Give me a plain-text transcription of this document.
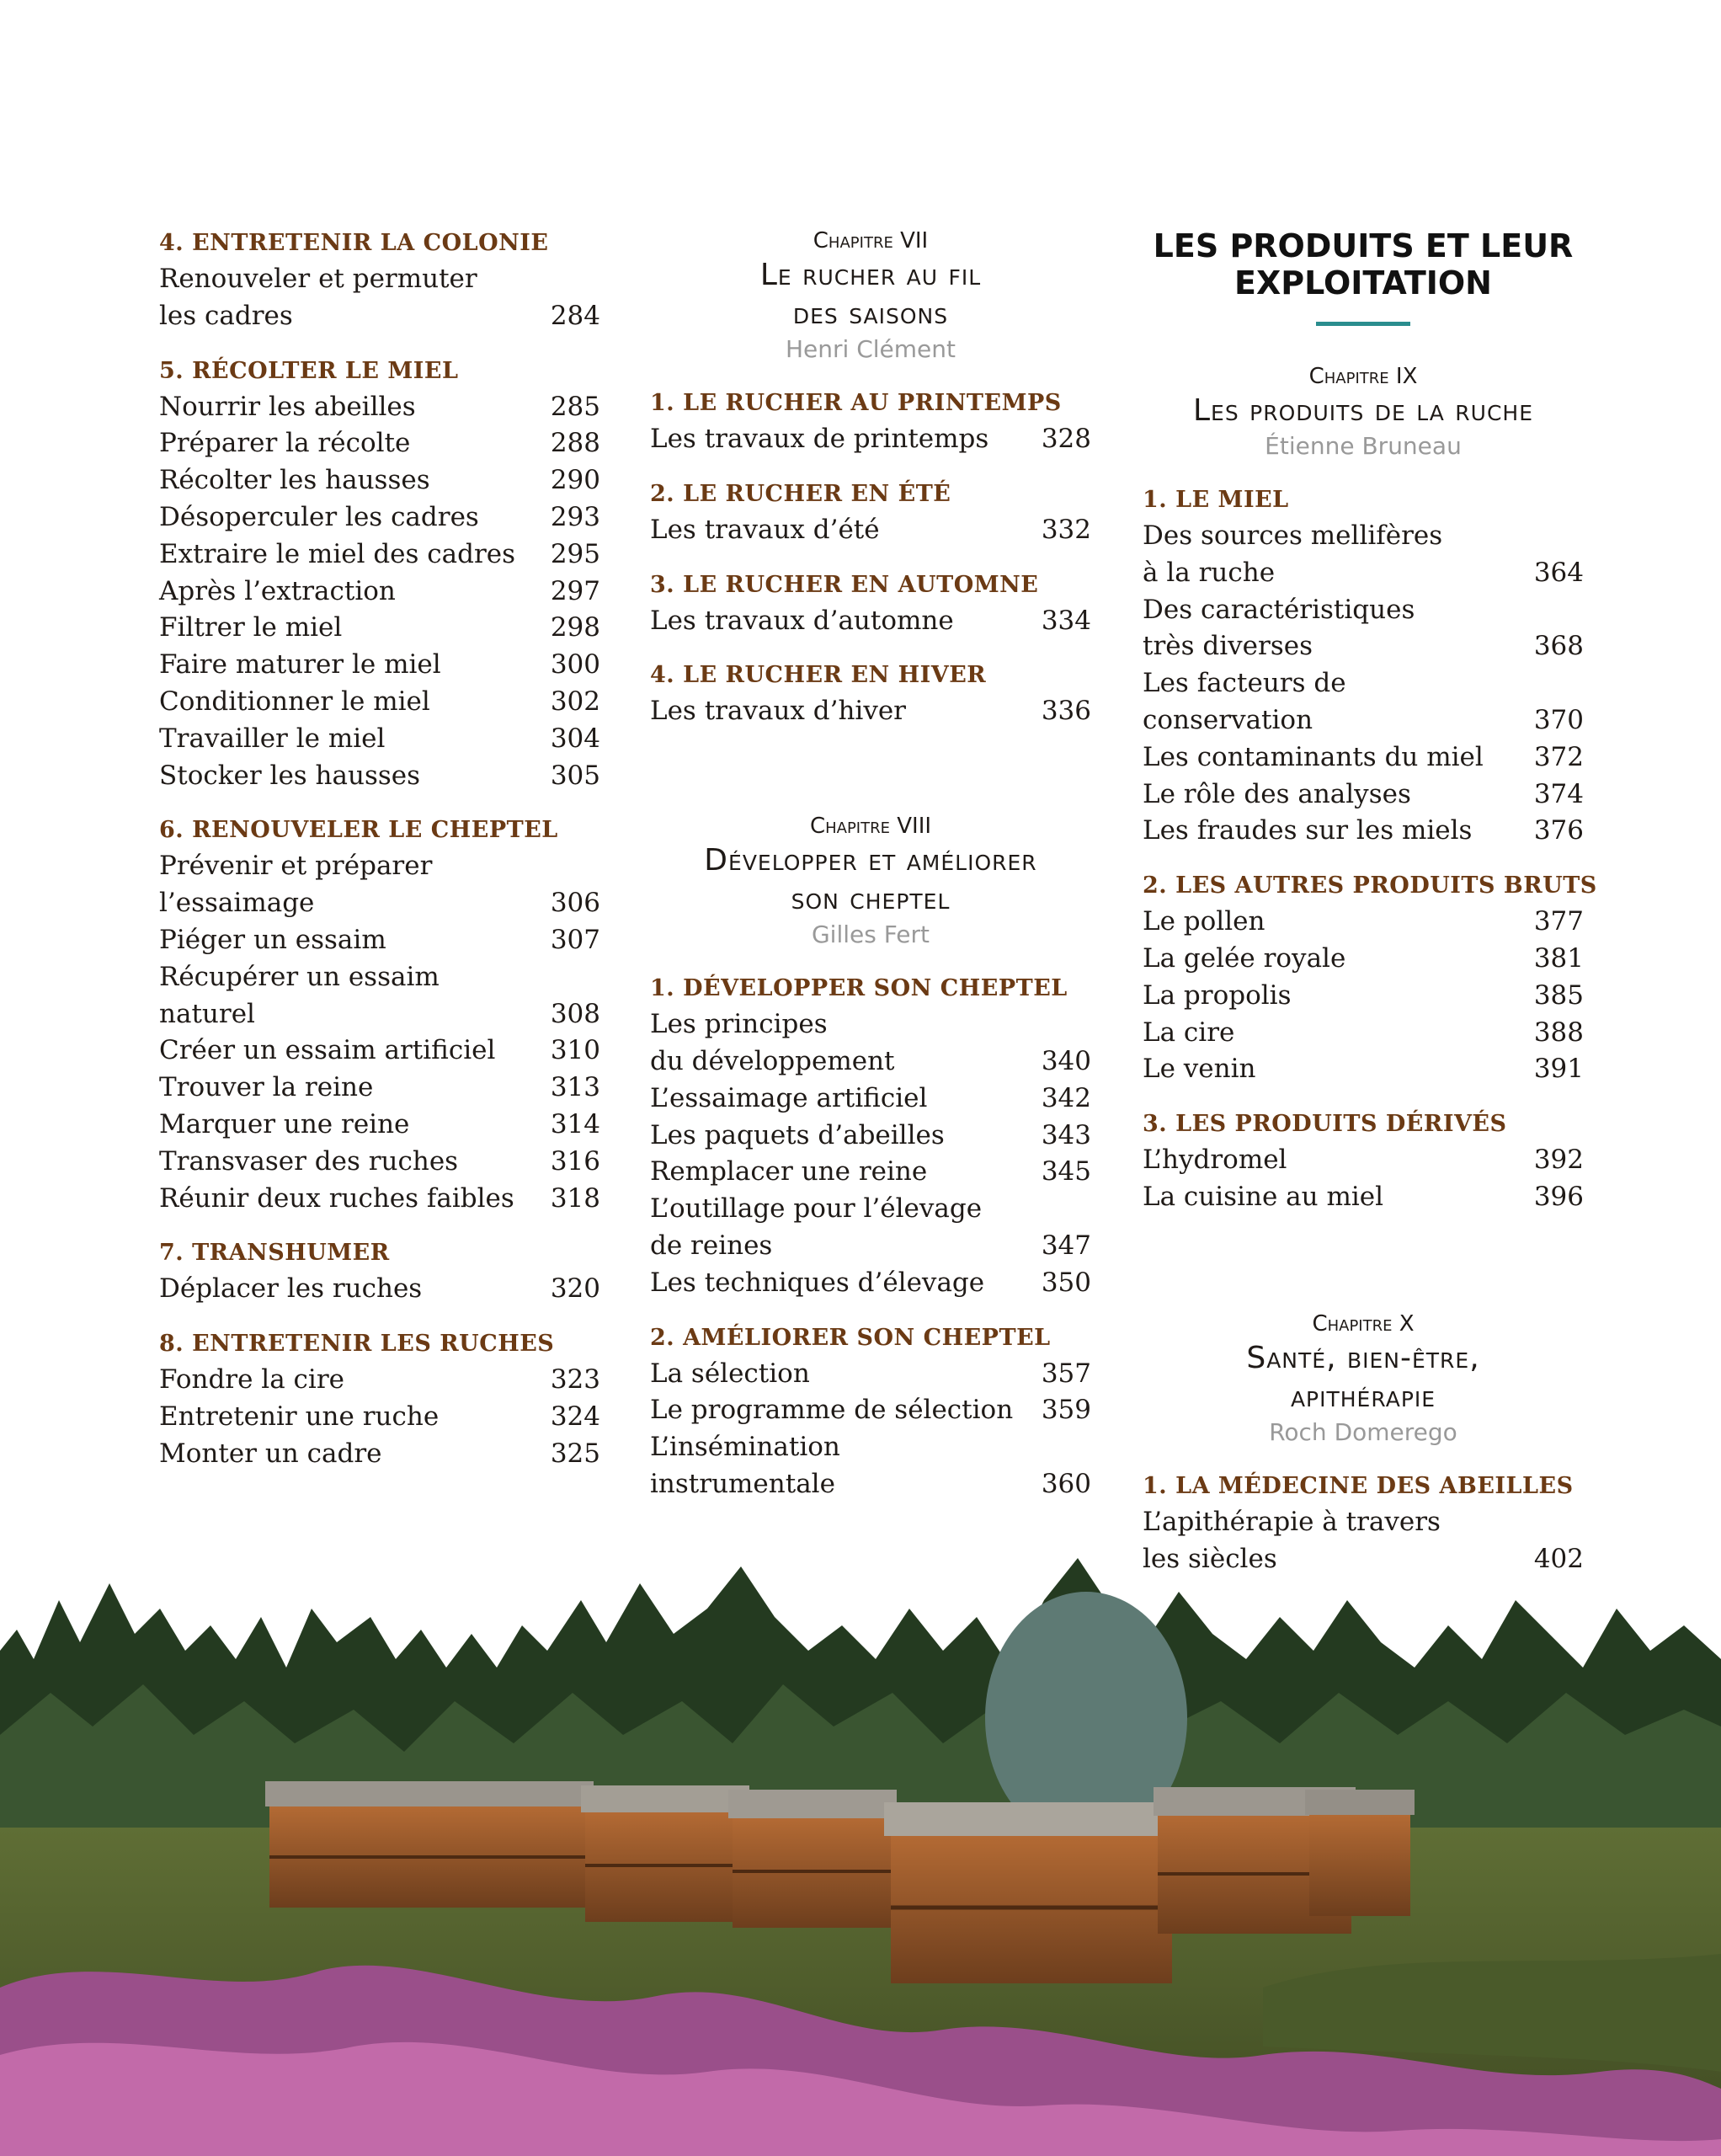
4. ENTRETENIR LA COLONIE
Renouveler et permuter
les cadres	284
5. RÉCOLTER LE MIEL
Nourrir les abeilles	285
Préparer la récolte	288
Récolter les hausses	290
Désoperculer les cadres	293
Extraire le miel des cadres 295
Après l’extraction	297
Filtrer le miel	298
Faire maturer le miel	300
Conditionner le miel	302
Travailler le miel	304
Stocker les hausses	305
6. RENOUVELER LE CHEPTEL
Prévenir et préparer
l’essaimage	306
Piéger un essaim	307
Récupérer un essaim naturel	308
Créer un essaim artificiel 310
Trouver la reine	313
Marquer une reine	314
Transvaser des ruches	316
Réunir deux ruches faibles 318
7. TRANSHUMER
Déplacer les ruches	320
8. ENTRETENIR LES RUCHES
Fondre la cire	323
Entretenir une ruche	324
Monter un cadre	325
Chapitre VII
Le rucher au fil
des saisons
Henri Clément
1. LE RUCHER AU PRINTEMPS
Les travaux de printemps 328
2. LE RUCHER EN ÉTÉ
Les travaux d’été	332
3. LE RUCHER EN AUTOMNE
Les travaux d’automne	334
4. LE RUCHER EN HIVER
Les travaux d’hiver	336
Chapitre VIII
Développer et améliorer
son cheptel
Gilles Fert
1. DÉVELOPPER SON CHEPTEL
Les principes
du développement	340
L’essaimage artificiel	342
Les paquets d’abeilles	343
Remplacer une reine	345
L’outillage pour l’élevage
de reines	347
Les techniques d’élevage 350
2. AMÉLIORER SON CHEPTEL
La sélection	357
Le programme de sélection 359
L’insémination instrumentale	360
LES PRODUITS ET LEUR
EXPLOITATION
Chapitre IX
Les produits de la ruche
Étienne Bruneau
1. LE MIEL
Des sources mellifères
à la ruche	364
Des caractéristiques
très diverses	368
Les facteurs de conservation	370
Les contaminants du miel 372
Le rôle des analyses	374
Les fraudes sur les miels 376
2. LES AUTRES PRODUITS BRUTS
Le pollen	377
La gelée royale	381
La propolis	385
La cire	388
Le venin	391
3. LES PRODUITS DÉRIVÉS
L’hydromel	392
La cuisine au miel	396
Chapitre X
Santé, bien-être,
apithérapie
Roch Domerego
1. LA MÉDECINE DES ABEILLES
L’apithérapie à travers
les siècles	402
